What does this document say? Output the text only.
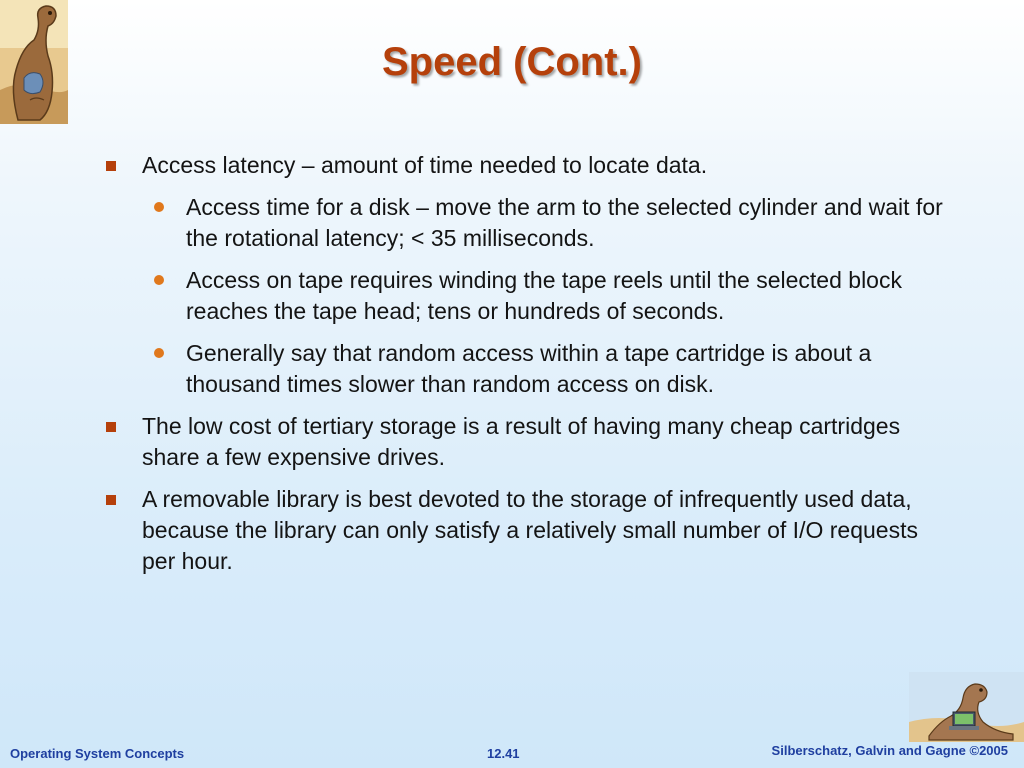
Speed (Cont.)
Access latency – amount of time needed to locate data.
Access time for a disk – move the arm to the selected cylinder and wait for the rotational latency; < 35 milliseconds.
Access on tape requires winding the tape reels until the selected block reaches the tape head; tens or hundreds of seconds.
Generally say that random access within a tape cartridge is about a thousand times slower than random access on disk.
The low cost of tertiary storage is a result of having many cheap cartridges share a few expensive drives.
A removable library is best devoted to the storage of infrequently used data, because the library can only satisfy a relatively small number of I/O requests per hour.
Operating System Concepts	12.41	Silberschatz, Galvin and Gagne ©2005
